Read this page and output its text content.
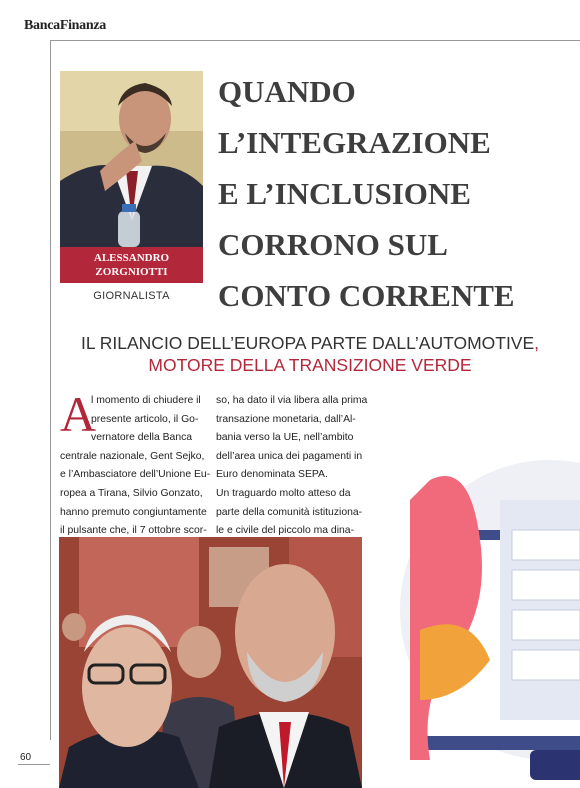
BancaFinanza
ALESSANDRO
ZORGNIOTTI
GIORNALISTA
QUANDO
L’INTEGRAZIONE
E L’INCLUSIONE
CORRONO SUL
CONTO CORRENTE
IL RILANCIO DELL’EUROPA PARTE DALL’AUTOMOTIVE,
MOTORE DELLA TRANSIZIONE VERDE
A
l momento di chiudere il
presente articolo, il Go-
vernatore della Banca
centrale nazionale, Gent Sejko,
e l’Ambasciatore dell’Unione Eu-
ropea a Tirana, Silvio Gonzato,
hanno premuto congiuntamente
il pulsante che, il 7 ottobre scor-
so, ha dato il via libera alla prima
transazione monetaria, dall’Al-
bania verso la UE, nell’ambito
dell’area unica dei pagamenti in
Euro denominata SEPA.
Un traguardo molto atteso da
parte della comunità istituziona-
le e civile del piccolo ma dina-
60
